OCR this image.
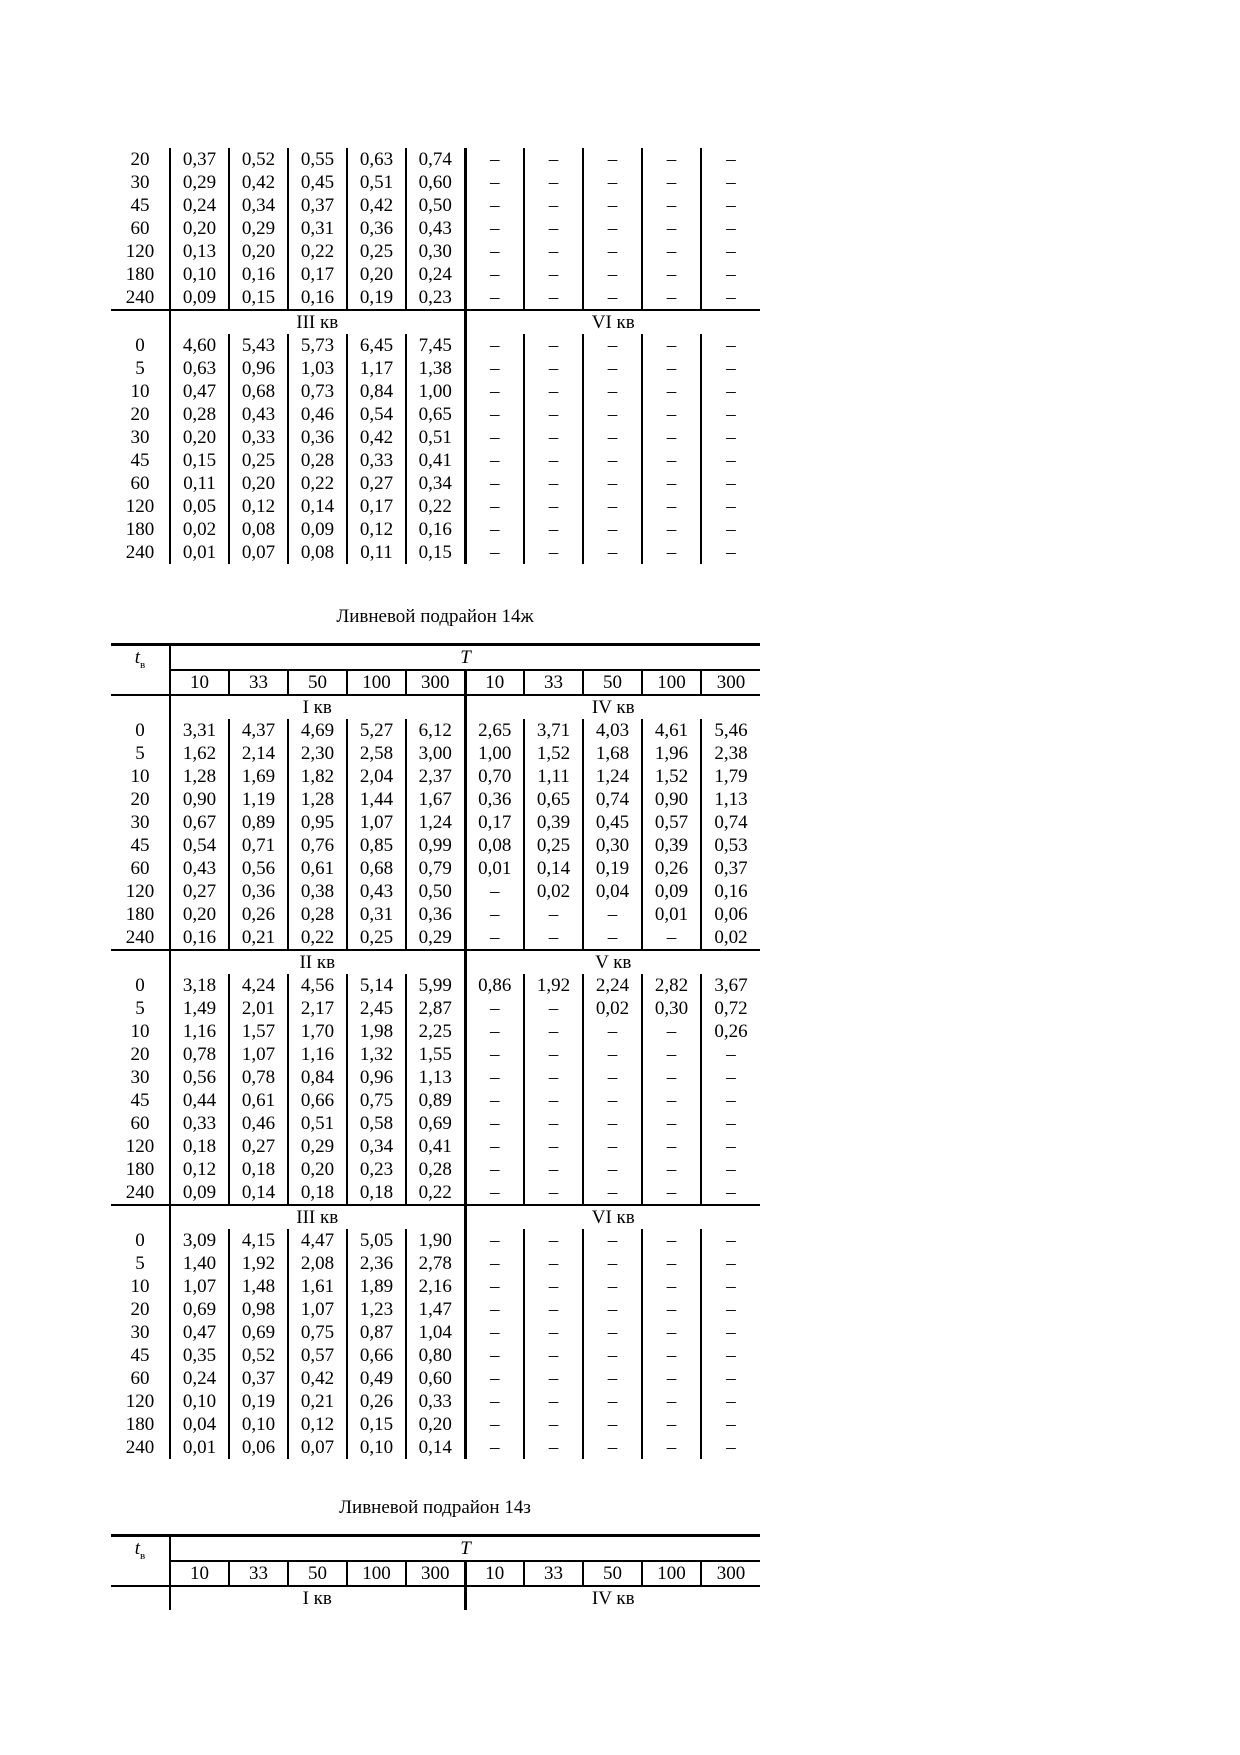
20	0,37	0,52	0,55	0,63	0,74	–	–	–	–	–
30	0,29	0,42	0,45	0,51	0,60	–	–	–	–	–
45	0,24	0,34	0,37	0,42	0,50	–	–	–	–	–
60	0,20	0,29	0,31	0,36	0,43	–	–	–	–	–
120	0,13	0,20	0,22	0,25	0,30	–	–	–	–	–
180	0,10	0,16	0,17	0,20	0,24	–	–	–	–	–
240	0,09	0,15	0,16	0,19	0,23	–	–	–	–	–
	III кв					VI кв				
0	4,60	5,43	5,73	6,45	7,45	–	–	–	–	–
5	0,63	0,96	1,03	1,17	1,38	–	–	–	–	–
10	0,47	0,68	0,73	0,84	1,00	–	–	–	–	–
20	0,28	0,43	0,46	0,54	0,65	–	–	–	–	–
30	0,20	0,33	0,36	0,42	0,51	–	–	–	–	–
45	0,15	0,25	0,28	0,33	0,41	–	–	–	–	–
60	0,11	0,20	0,22	0,27	0,34	–	–	–	–	–
120	0,05	0,12	0,14	0,17	0,22	–	–	–	–	–
180	0,02	0,08	0,09	0,12	0,16	–	–	–	–	–
240	0,01	0,07	0,08	0,11	0,15	–	–	–	–	–
Ливневой подрайон 14ж
$t_в$	T									
	10	33	50	100	300	10	33	50	100	300
	I кв					IV кв				
0	3,31	4,37	4,69	5,27	6,12	2,65	3,71	4,03	4,61	5,46
5	1,62	2,14	2,30	2,58	3,00	1,00	1,52	1,68	1,96	2,38
10	1,28	1,69	1,82	2,04	2,37	0,70	1,11	1,24	1,52	1,79
20	0,90	1,19	1,28	1,44	1,67	0,36	0,65	0,74	0,90	1,13
30	0,67	0,89	0,95	1,07	1,24	0,17	0,39	0,45	0,57	0,74
45	0,54	0,71	0,76	0,85	0,99	0,08	0,25	0,30	0,39	0,53
60	0,43	0,56	0,61	0,68	0,79	0,01	0,14	0,19	0,26	0,37
120	0,27	0,36	0,38	0,43	0,50	–	0,02	0,04	0,09	0,16
180	0,20	0,26	0,28	0,31	0,36	–	–	–	0,01	0,06
240	0,16	0,21	0,22	0,25	0,29	–	–	–	–	0,02
	II кв					V кв				
0	3,18	4,24	4,56	5,14	5,99	0,86	1,92	2,24	2,82	3,67
5	1,49	2,01	2,17	2,45	2,87	–	–	0,02	0,30	0,72
10	1,16	1,57	1,70	1,98	2,25	–	–	–	–	0,26
20	0,78	1,07	1,16	1,32	1,55	–	–	–	–	–
30	0,56	0,78	0,84	0,96	1,13	–	–	–	–	–
45	0,44	0,61	0,66	0,75	0,89	–	–	–	–	–
60	0,33	0,46	0,51	0,58	0,69	–	–	–	–	–
120	0,18	0,27	0,29	0,34	0,41	–	–	–	–	–
180	0,12	0,18	0,20	0,23	0,28	–	–	–	–	–
240	0,09	0,14	0,18	0,18	0,22	–	–	–	–	–
	III кв					VI кв				
0	3,09	4,15	4,47	5,05	1,90	–	–	–	–	–
5	1,40	1,92	2,08	2,36	2,78	–	–	–	–	–
10	1,07	1,48	1,61	1,89	2,16	–	–	–	–	–
20	0,69	0,98	1,07	1,23	1,47	–	–	–	–	–
30	0,47	0,69	0,75	0,87	1,04	–	–	–	–	–
45	0,35	0,52	0,57	0,66	0,80	–	–	–	–	–
60	0,24	0,37	0,42	0,49	0,60	–	–	–	–	–
120	0,10	0,19	0,21	0,26	0,33	–	–	–	–	–
180	0,04	0,10	0,12	0,15	0,20	–	–	–	–	–
240	0,01	0,06	0,07	0,10	0,14	–	–	–	–	–
Ливневой подрайон 14з
$t_в$	T									
	10	33	50	100	300	10	33	50	100	300
	I кв					IV кв				
